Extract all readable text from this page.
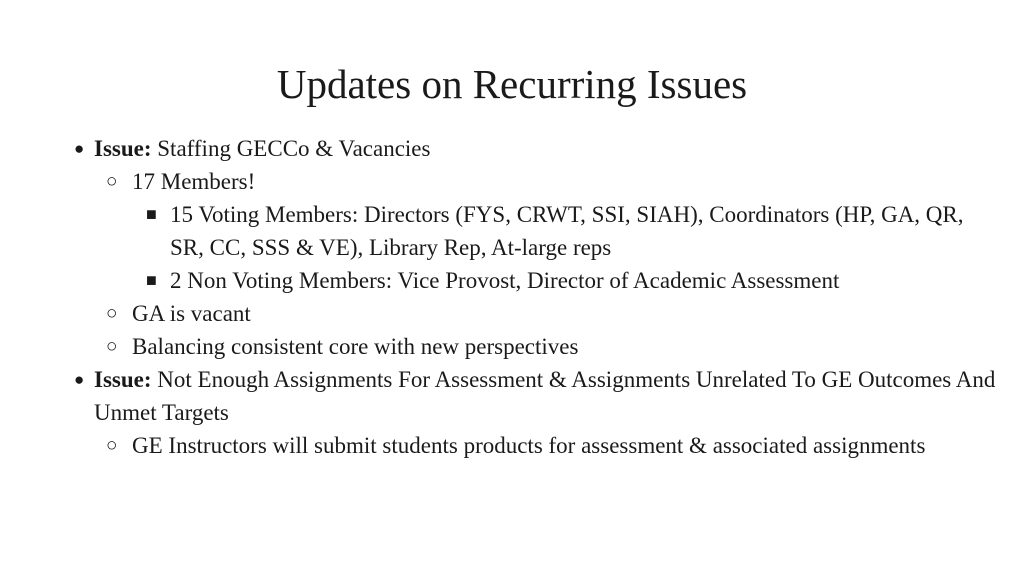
Updates on Recurring Issues
● Issue: Staffing GECCo & Vacancies
○ 17 Members!
■ 15 Voting Members: Directors (FYS, CRWT, SSI, SIAH), Coordinators (HP, GA, QR, SR, CC, SSS & VE), Library Rep, At-large reps
■ 2 Non Voting Members: Vice Provost, Director of Academic Assessment
○ GA is vacant
○ Balancing consistent core with new perspectives
● Issue: Not Enough Assignments For Assessment & Assignments Unrelated To GE Outcomes And Unmet Targets
○ GE Instructors will submit students products for assessment & associated assignments
